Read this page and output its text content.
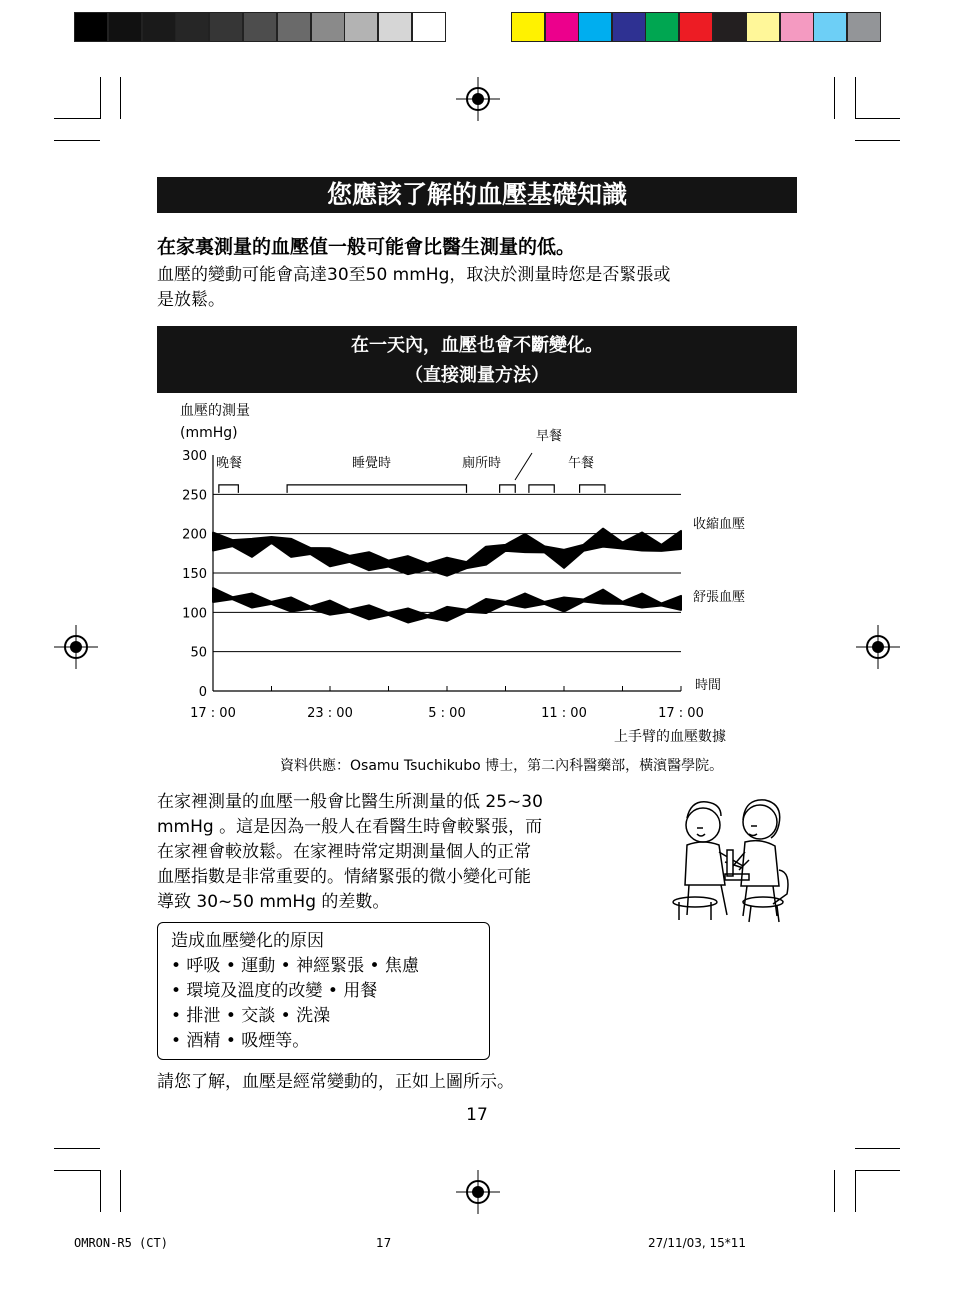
您應該了解的血壓基礎知識
在家裏測量的血壓值一般可能會比醫生測量的低。
血壓的變動可能會高達30至50 mmHg，取決於測量時您是否緊張或
是放鬆。
在一天內，血壓也會不斷變化。
（直接測量方法）
血壓的測量
(mmHg)
300
250
200
150
100
50
0
17 : 00	23 : 00	5 : 00	11 : 00	17 : 00
時間
晚餐	睡覺時	廁所時
早餐
午餐
收縮血壓
舒張血壓
上手臂的血壓數據
資料供應：Osamu Tsuchikubo 博士，第二內科醫藥部，橫濱醫學院。
在家裡測量的血壓一般會比醫生所測量的低 25~30
mmHg 。這是因為一般人在看醫生時會較緊張，而
在家裡會較放鬆。在家裡時常定期測量個人的正常
血壓指數是非常重要的。情緒緊張的微小變化可能
導致 30~50 mmHg 的差數。
造成血壓變化的原因
• 呼吸 • 運動 • 神經緊張 • 焦慮
• 環境及溫度的改變 • 用餐
• 排泄 • 交談 • 洗澡
• 酒精 • 吸煙等。
請您了解，血壓是經常變動的，正如上圖所示。
17
OMRON-R5 (CT)	17	27/11/03, 15*11
